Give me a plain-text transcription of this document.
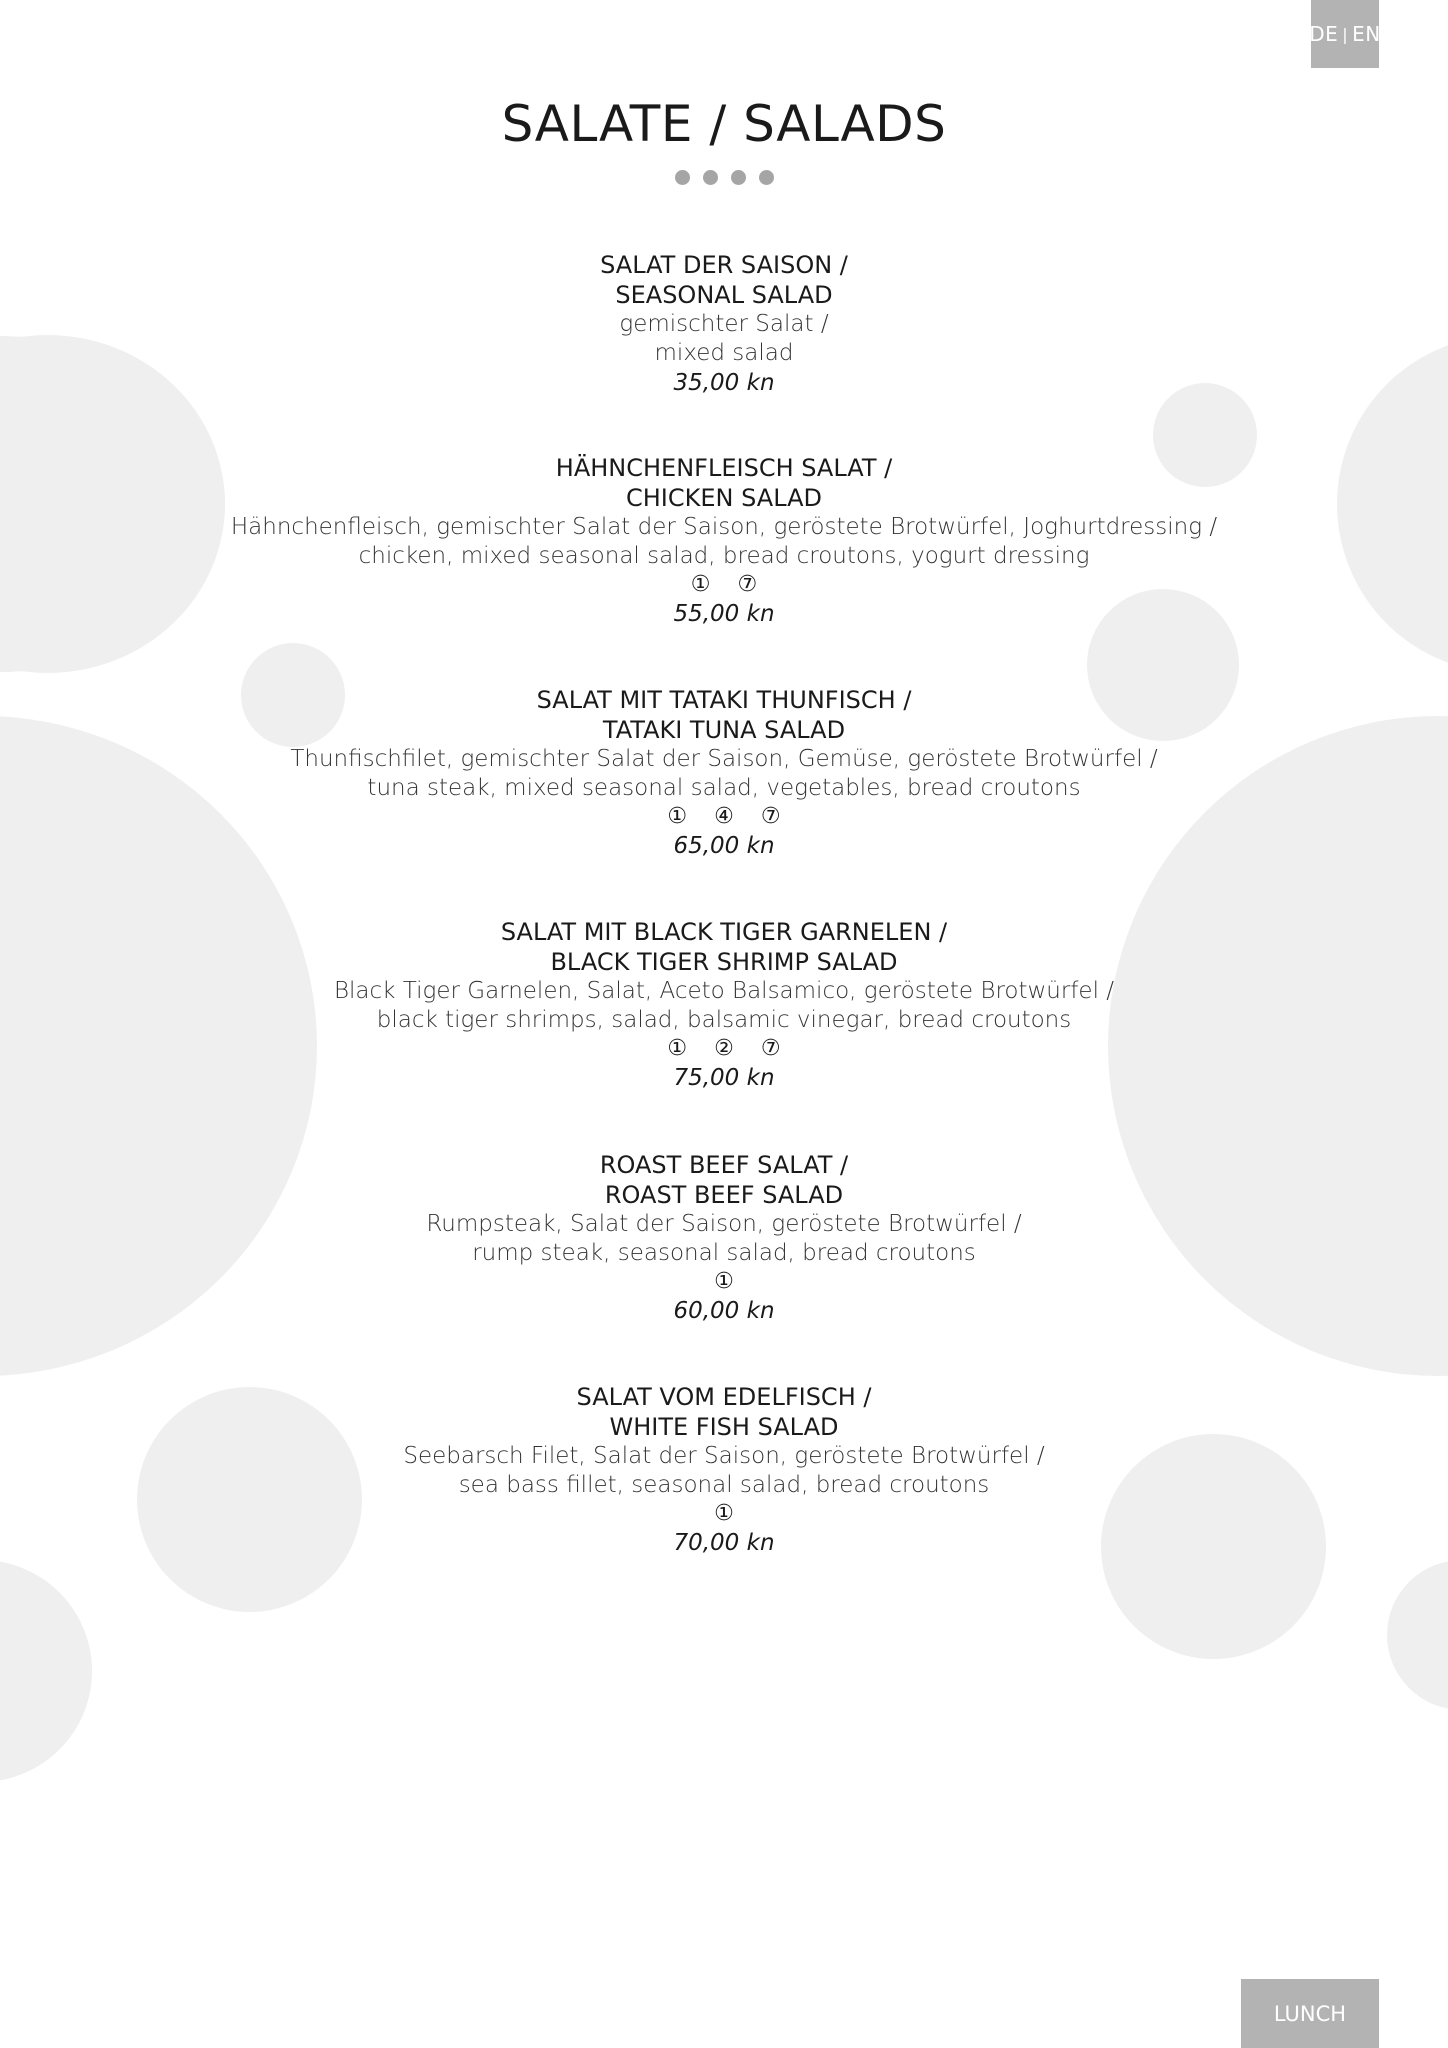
DE | EN
SALATE / SALADS
SALAT DER SAISON /
SEASONAL SALAD
gemischter Salat /
mixed salad
35,00 kn
HÄHNCHENFLEISCH SALAT /
CHICKEN SALAD
Hähnchenfleisch, gemischter Salat der Saison, geröstete Brotwürfel, Joghurtdressing /
chicken, mixed seasonal salad, bread croutons, yogurt dressing
① ⑦
55,00 kn
SALAT MIT TATAKI THUNFISCH /
TATAKI TUNA SALAD
Thunfischfilet, gemischter Salat der Saison, Gemüse, geröstete Brotwürfel /
tuna steak, mixed seasonal salad, vegetables, bread croutons
① ④ ⑦
65,00 kn
SALAT MIT BLACK TIGER GARNELEN /
BLACK TIGER SHRIMP SALAD
Black Tiger Garnelen, Salat, Aceto Balsamico, geröstete Brotwürfel /
black tiger shrimps, salad, balsamic vinegar, bread croutons
① ② ⑦
75,00 kn
ROAST BEEF SALAT /
ROAST BEEF SALAD
Rumpsteak, Salat der Saison, geröstete Brotwürfel /
rump steak, seasonal salad, bread croutons
①
60,00 kn
SALAT VOM EDELFISCH /
WHITE FISH SALAD
Seebarsch Filet, Salat der Saison, geröstete Brotwürfel /
sea bass fillet, seasonal salad, bread croutons
①
70,00 kn
LUNCH
